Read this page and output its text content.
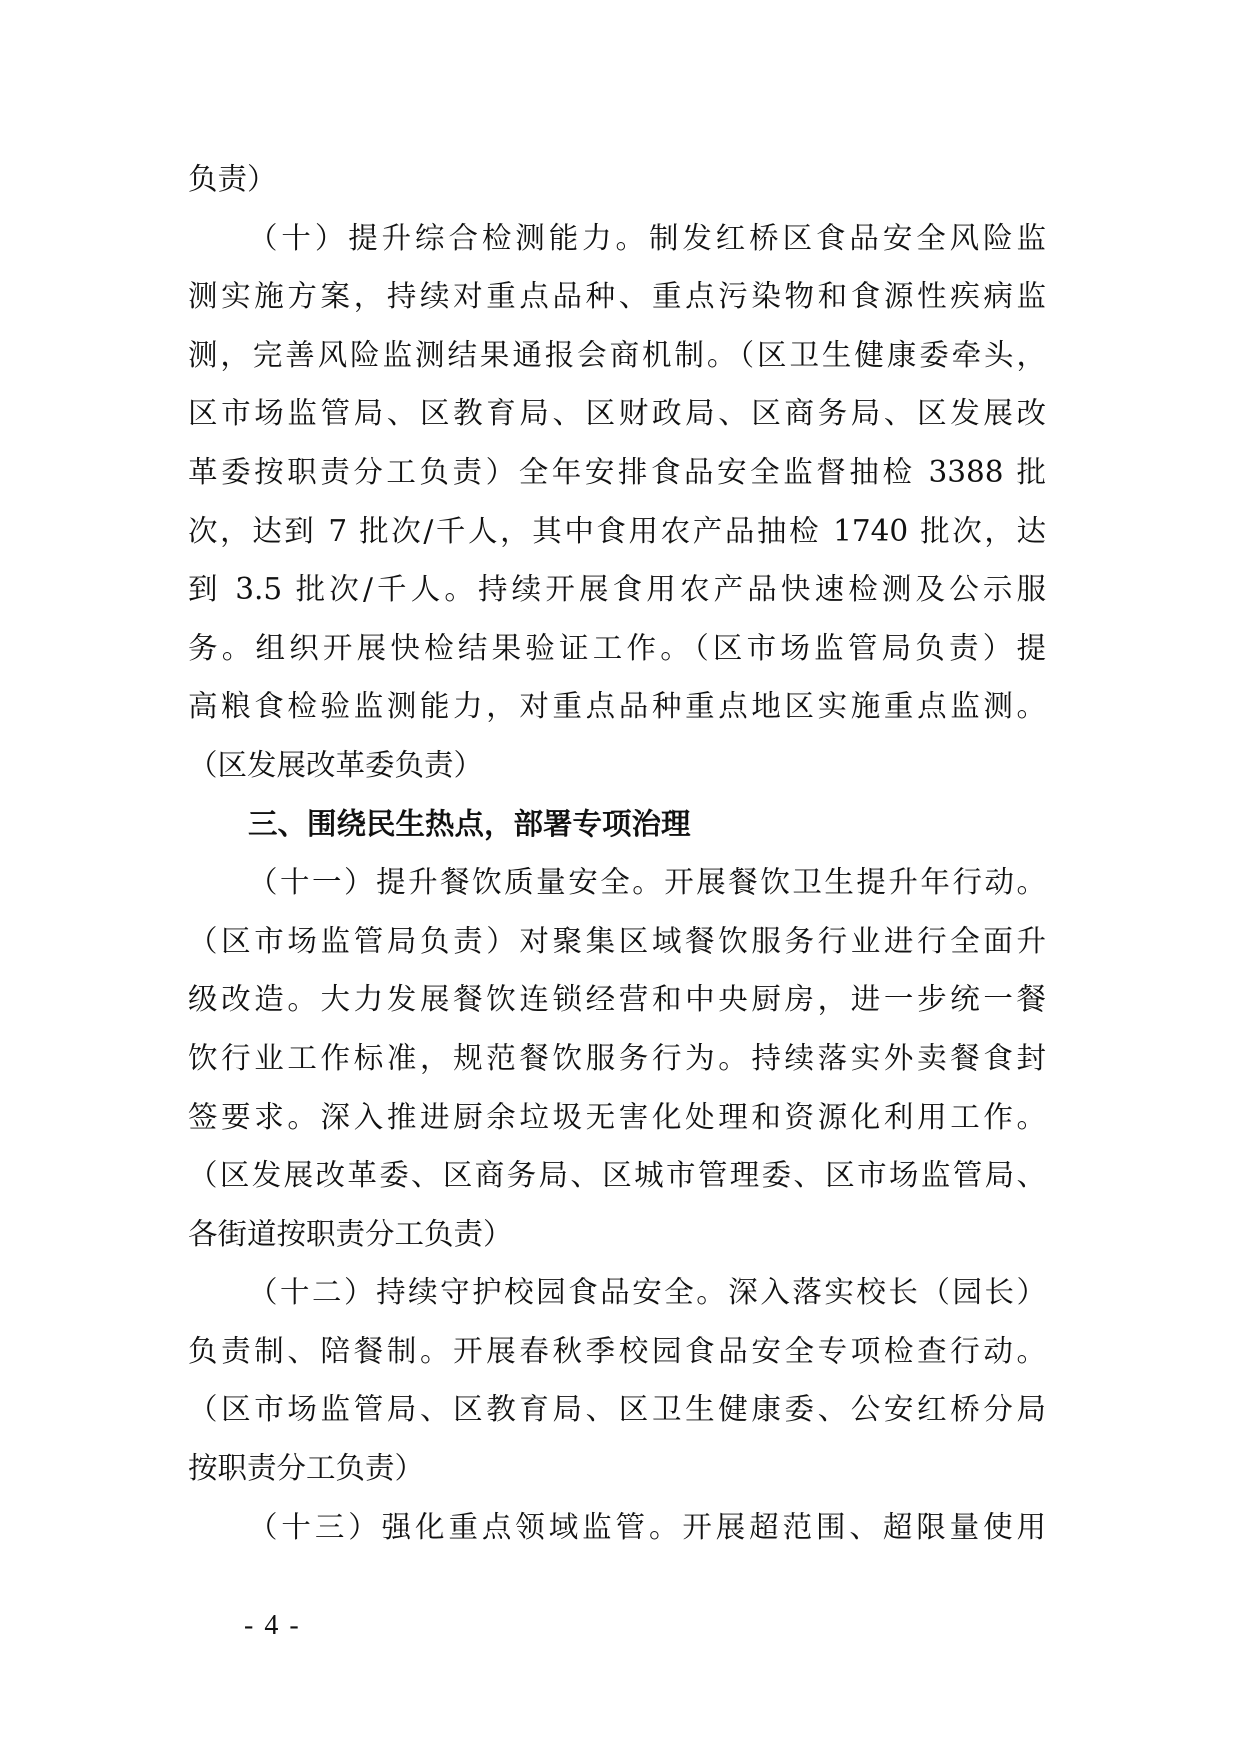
负责）
（十）提升综合检测能力。制发红桥区食品安全风险监
测实施方案，持续对重点品种、重点污染物和食源性疾病监
测，完善风险监测结果通报会商机制。（区卫生健康委牵头，
区市场监管局、区教育局、区财政局、区商务局、区发展改
革委按职责分工负责）全年安排食品安全监督抽检 3388 批
次，达到 7 批次/千人，其中食用农产品抽检 1740 批次，达
到 3.5 批次/千人。持续开展食用农产品快速检测及公示服
务。组织开展快检结果验证工作。（区市场监管局负责）提
高粮食检验监测能力，对重点品种重点地区实施重点监测。
（区发展改革委负责）
三、围绕民生热点，部署专项治理
（十一）提升餐饮质量安全。开展餐饮卫生提升年行动。
（区市场监管局负责）对聚集区域餐饮服务行业进行全面升
级改造。大力发展餐饮连锁经营和中央厨房，进一步统一餐
饮行业工作标准，规范餐饮服务行为。持续落实外卖餐食封
签要求。深入推进厨余垃圾无害化处理和资源化利用工作。
（区发展改革委、区商务局、区城市管理委、区市场监管局、
各街道按职责分工负责）
（十二）持续守护校园食品安全。深入落实校长（园长）
负责制、陪餐制。开展春秋季校园食品安全专项检查行动。
（区市场监管局、区教育局、区卫生健康委、公安红桥分局
按职责分工负责）
（十三）强化重点领域监管。开展超范围、超限量使用
- 4 -
